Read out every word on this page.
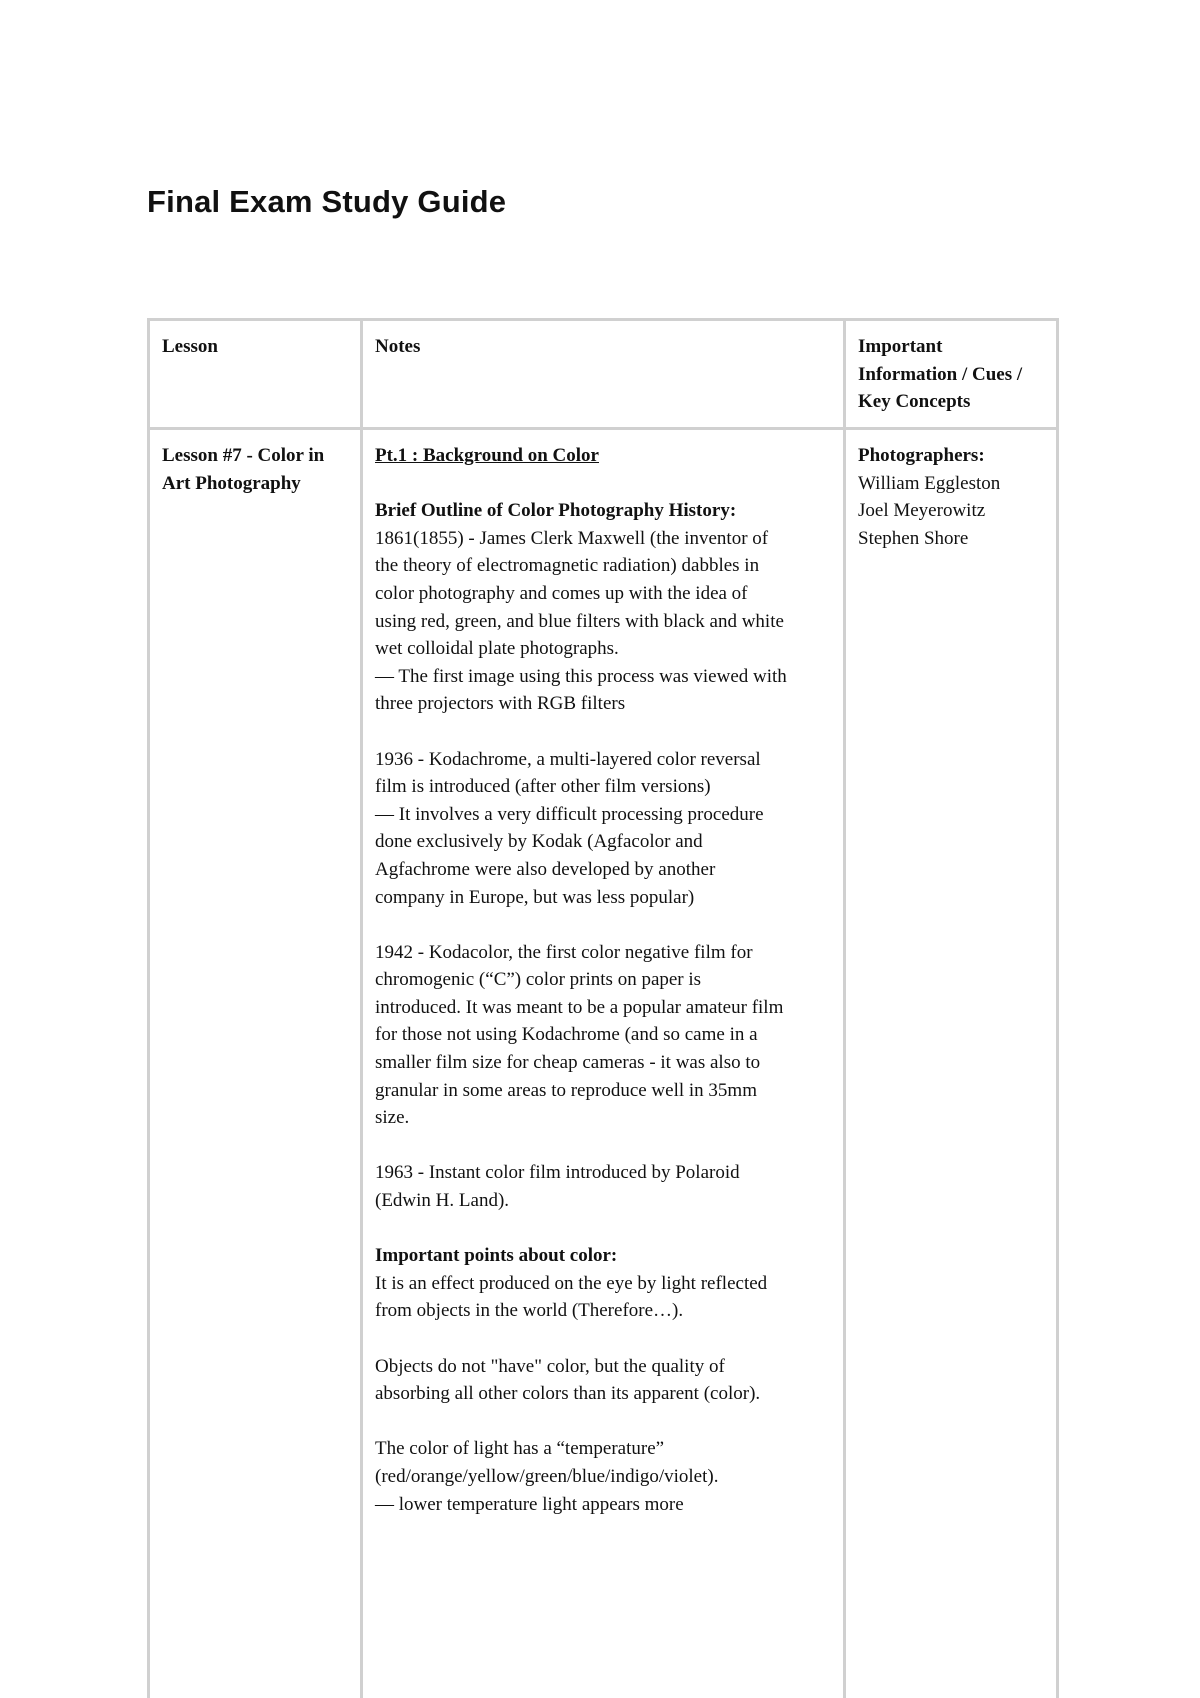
Final Exam Study Guide
Lesson	Notes	Important
Information / Cues /
Key Concepts
Lesson #7 - Color in
Art Photography
Pt.1 : Background on Color
Brief Outline of Color Photography History:
1861(1855) - James Clerk Maxwell (the inventor of
the theory of electromagnetic radiation) dabbles in
color photography and comes up with the idea of
using red, green, and blue filters with black and white
wet colloidal plate photographs.
— The first image using this process was viewed with
three projectors with RGB filters
1936 - Kodachrome, a multi-layered color reversal
film is introduced (after other film versions)
— It involves a very difficult processing procedure
done exclusively by Kodak (Agfacolor and
Agfachrome were also developed by another
company in Europe, but was less popular)
1942 - Kodacolor, the first color negative film for
chromogenic (“C”) color prints on paper is
introduced. It was meant to be a popular amateur film
for those not using Kodachrome (and so came in a
smaller film size for cheap cameras - it was also to
granular in some areas to reproduce well in 35mm
size.
1963 - Instant color film introduced by Polaroid
(Edwin H. Land).
Important points about color:
It is an effect produced on the eye by light reflected
from objects in the world (Therefore…).
Objects do not "have" color, but the quality of
absorbing all other colors than its apparent (color).
The color of light has a “temperature”
(red/orange/yellow/green/blue/indigo/violet).
— lower temperature light appears more
Photographers:
William Eggleston
Joel Meyerowitz
Stephen Shore
